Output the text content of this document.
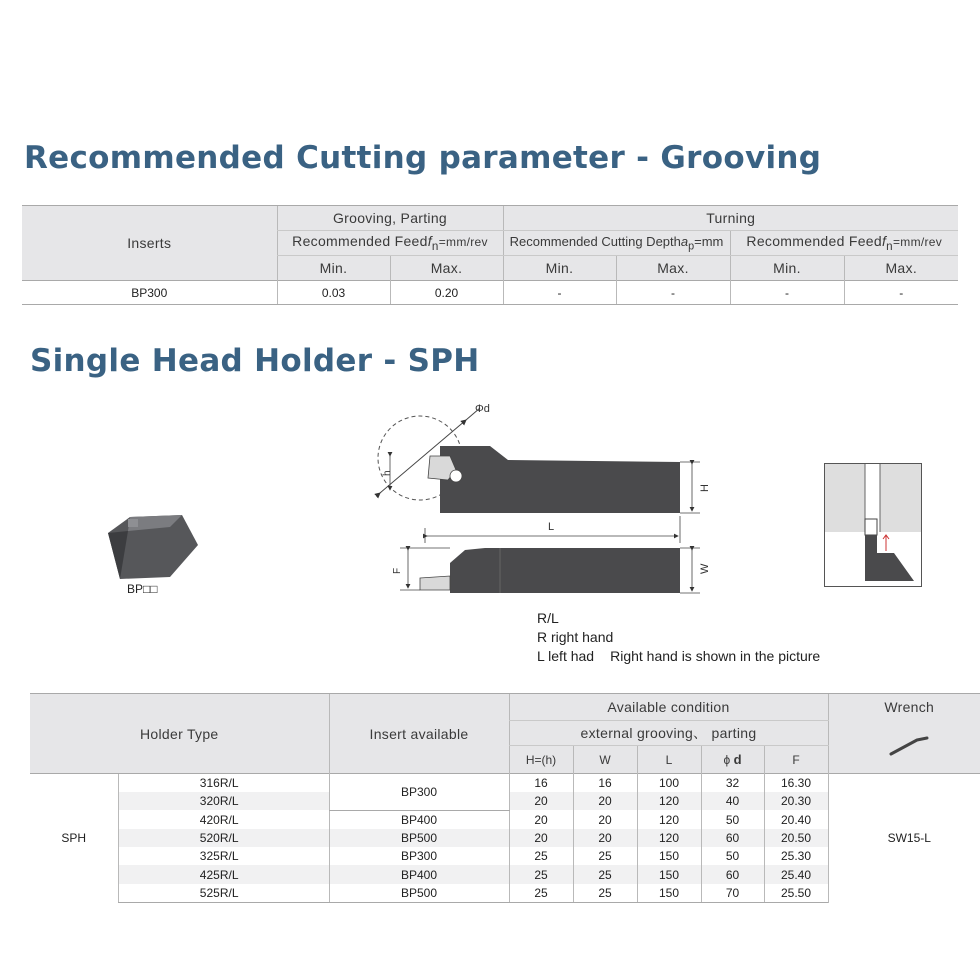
Recommended Cutting parameter - Grooving
Inserts	Grooving, Parting		Turning			
	Recommended Feedf$_n$=mm/rev		Recommended Cutting Deptha$_p$=mm		Recommended Feedf$_n$=mm/rev	
	Min.	Max.	Min.	Max.	Min.	Max.
BP300	0.03	0.20	-	-	-	-
Single Head Holder - SPH
BP□□
Φd
h
L
H
F	W
R/L
R right hand
L left had Right hand is shown in the picture
Holder Type		Insert available	Available condition					Wrench
			external grooving、 parting	
			H=(h)	W	L	ϕ d	F	
SPH	316R/L	BP300	16	16	100	32	16.30	SW15-L
	320R/L		20	20	120	40	20.30	
	420R/L	BP400	20	20	120	50	20.40	
	520R/L	BP500	20	20	120	60	20.50	
	325R/L	BP300	25	25	150	50	25.30	
	425R/L	BP400	25	25	150	60	25.40	
	525R/L	BP500	25	25	150	70	25.50	
